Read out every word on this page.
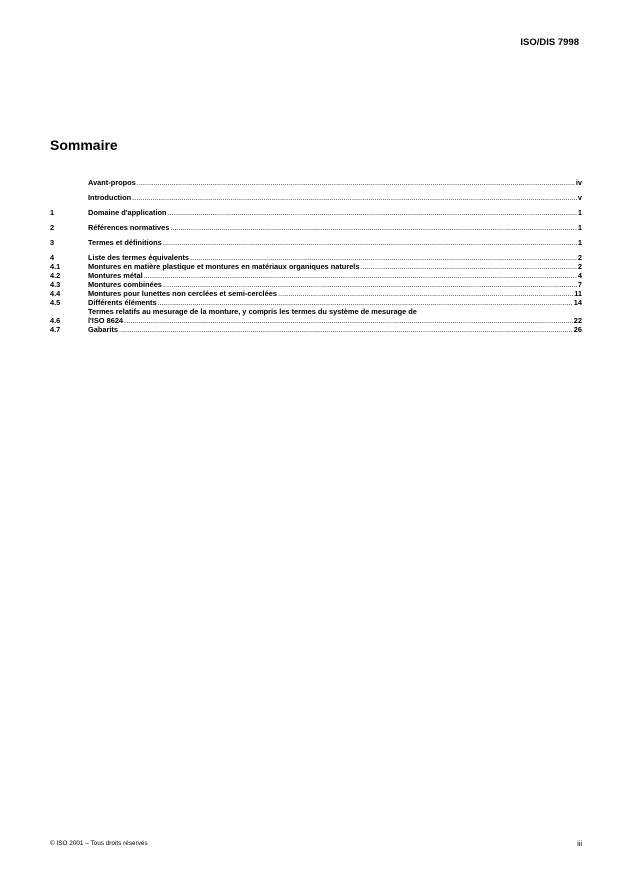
ISO/DIS 7998
Sommaire
Avant-propos .....	iv
Introduction .....	v
1	Domaine d'application .....	1
2	Références normatives .....	1
3	Termes et définitions .....	1
4	Liste des termes équivalents .....	2
4.1	Montures en matière plastique et montures en matériaux organiques naturels .....	2
4.2	Montures métal .....	4
4.3	Montures combinées .....	7
4.4	Montures pour lunettes non cerclées et semi-cerclées .....	11
4.5	Différents éléments .....	14
4.6
Termes relatifs au mesurage de la monture, y compris les termes du système de mesurage de
l'ISO 8624 .....	22
4.7	Gabarits .....	26
© ISO 2001 – Tous droits réservés	iii
